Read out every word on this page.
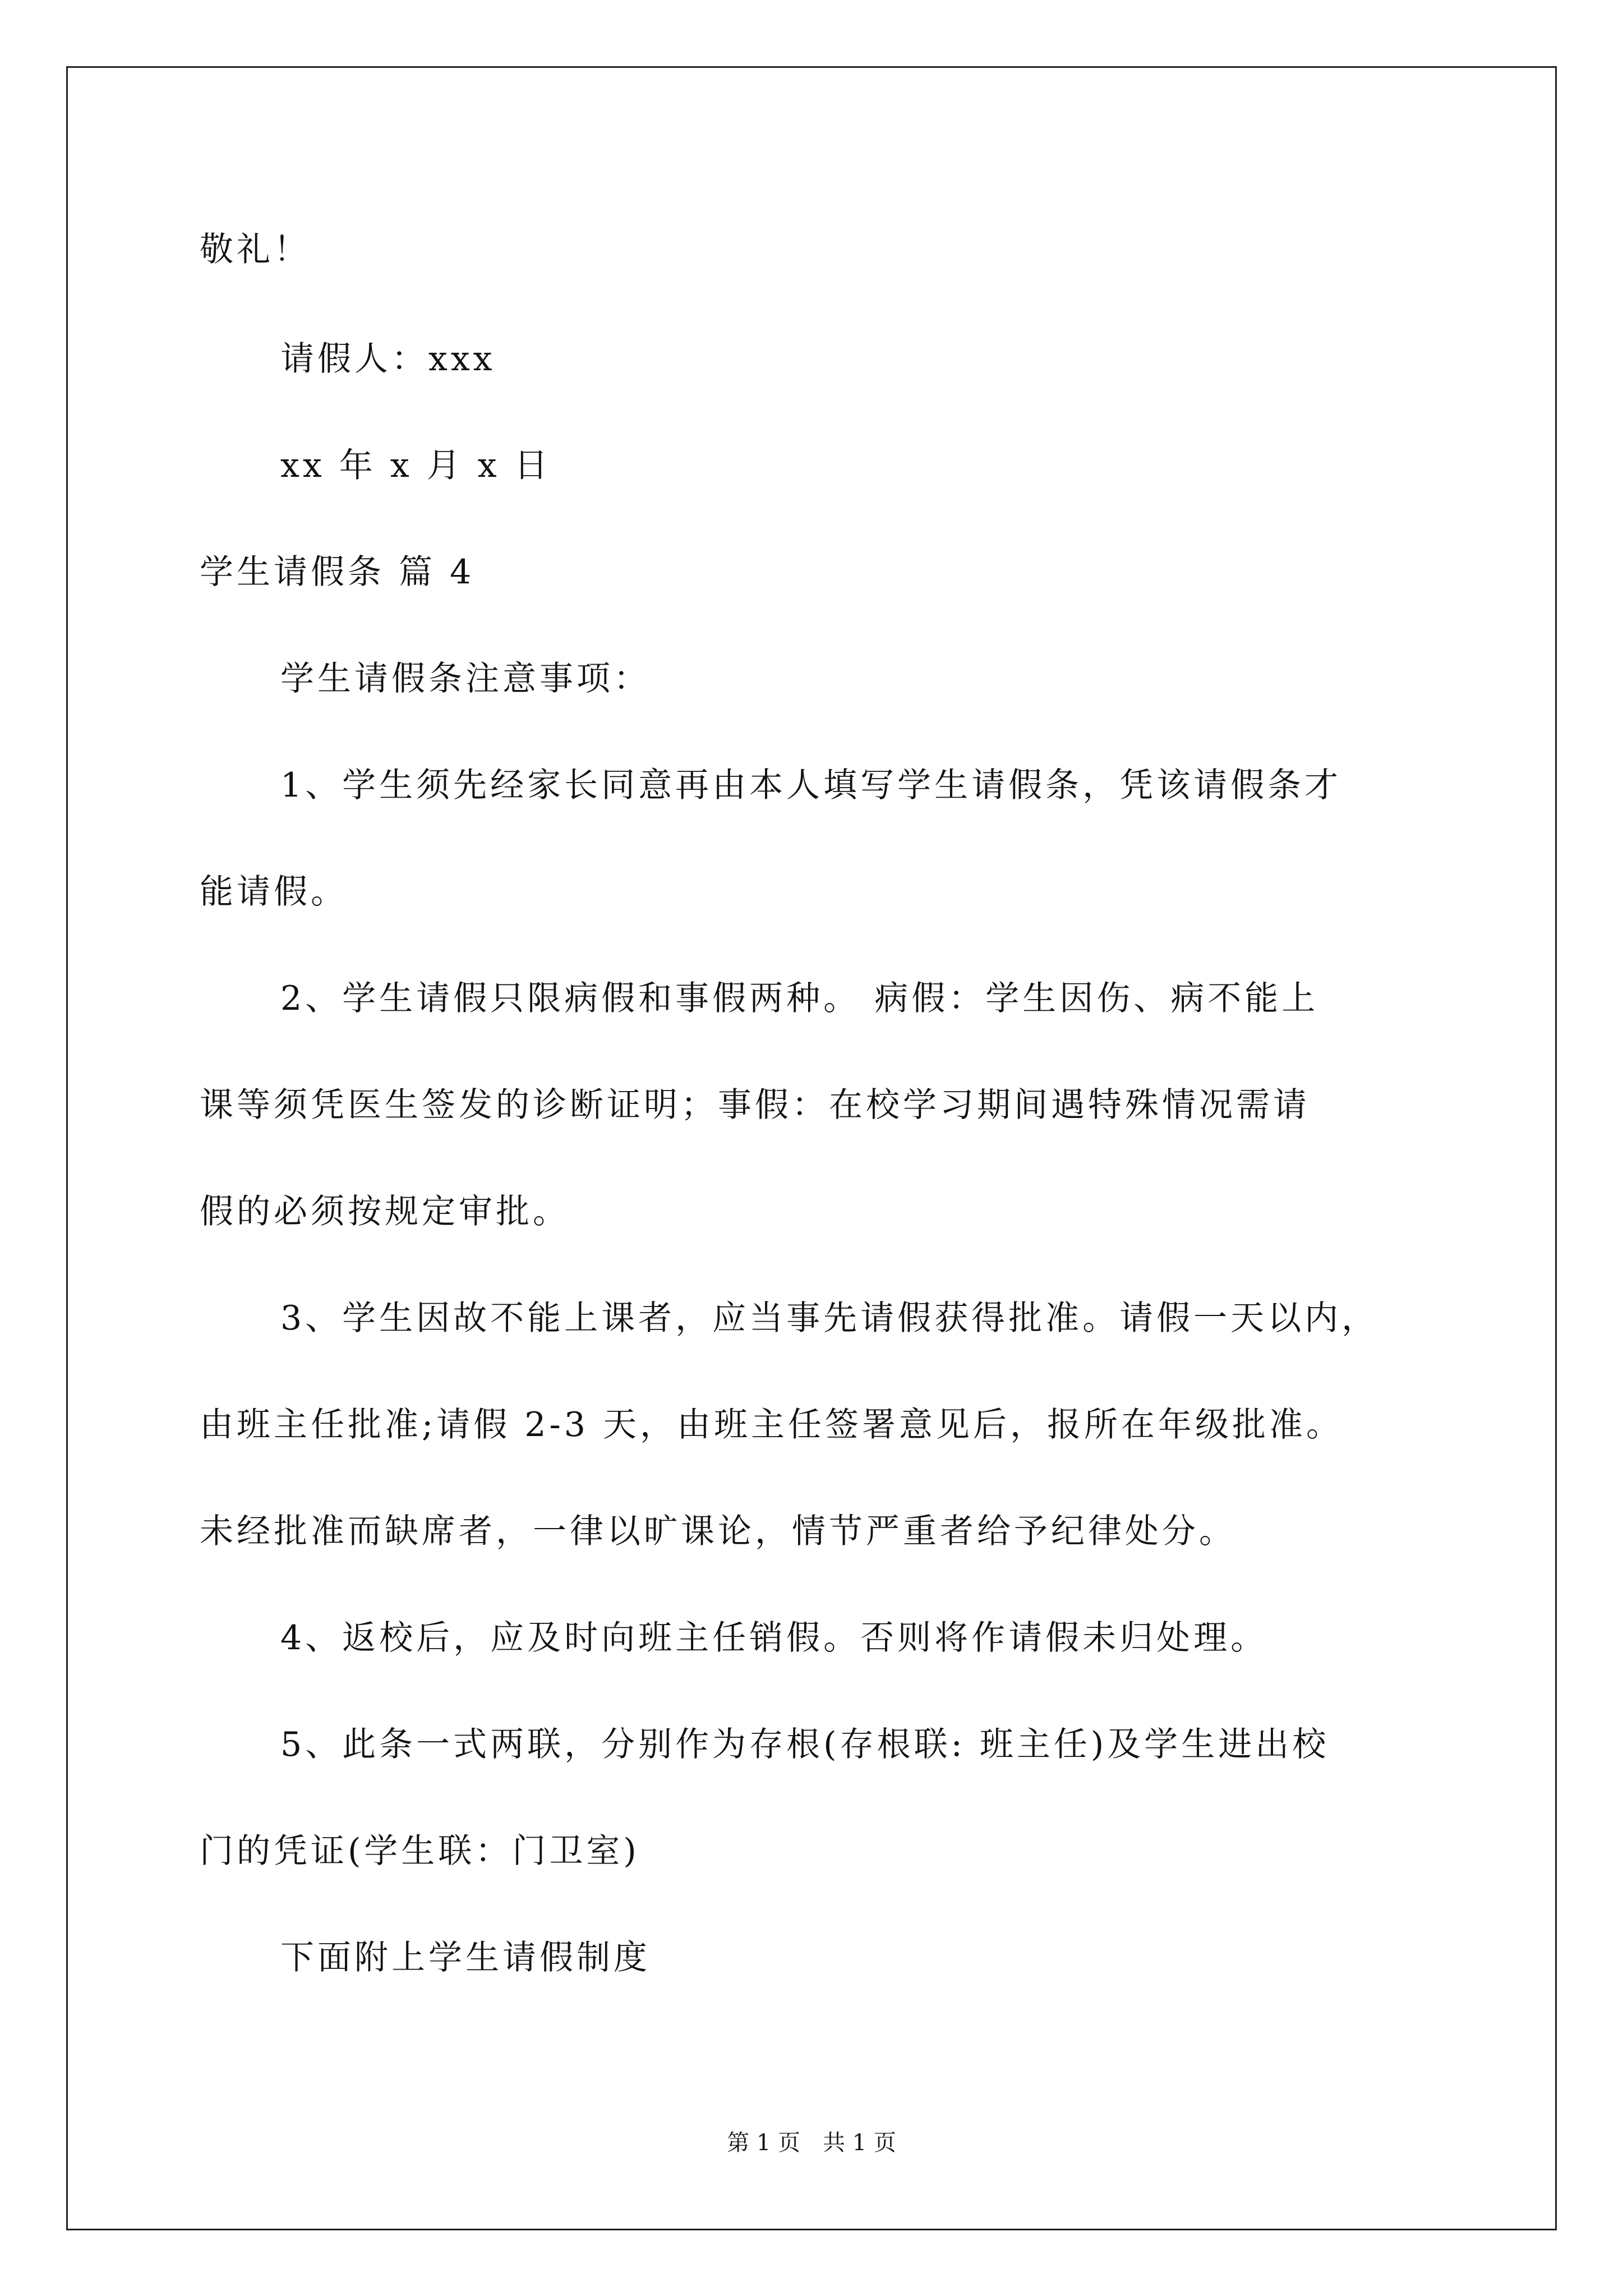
敬礼！
请假人：xxx
xx 年 x 月 x 日
学生请假条 篇 4
学生请假条注意事项：
1、学生须先经家长同意再由本人填写学生请假条，凭该请假条才
能请假。
2、学生请假只限病假和事假两种。 病假：学生因伤、病不能上
课等须凭医生签发的诊断证明；事假：在校学习期间遇特殊情况需请
假的必须按规定审批。
3、学生因故不能上课者，应当事先请假获得批准。请假一天以内，
由班主任批准;请假 2-3 天，由班主任签署意见后，报所在年级批准。
未经批准而缺席者，一律以旷课论，情节严重者给予纪律处分。
4、返校后，应及时向班主任销假。否则将作请假未归处理。
5、此条一式两联，分别作为存根(存根联: 班主任)及学生进出校
门的凭证(学生联：门卫室)
下面附上学生请假制度
第 1 页　共 1 页
